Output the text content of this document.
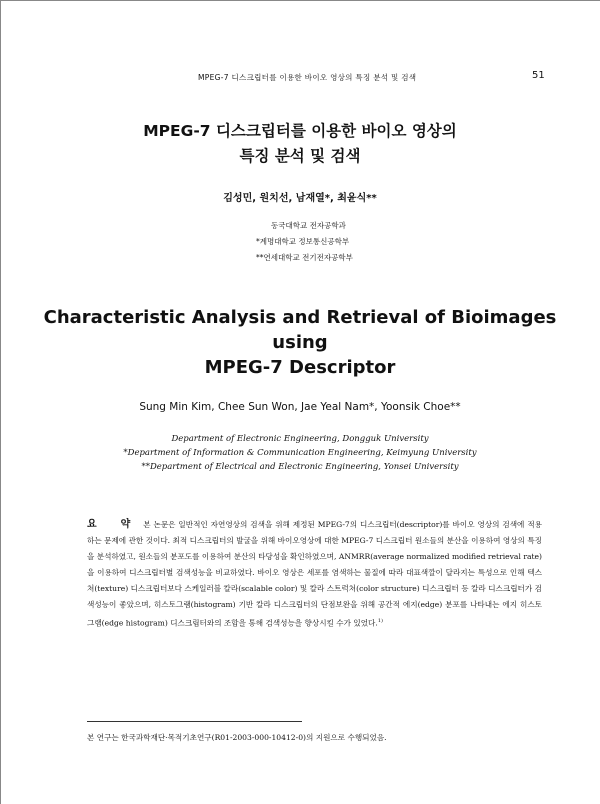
MPEG-7 디스크립터를 이용한 바이오 영상의 특징 분석 및 검색	51
MPEG-7 디스크립터를 이용한 바이오 영상의
특징 분석 및 검색
김성민, 원치선, 남재열*, 최윤식**
동국대학교 전자공학과
*계명대학교 정보통신공학부
**연세대학교 전기전자공학부
Characteristic Analysis and Retrieval of Bioimages
using
MPEG-7 Descriptor
Sung Min Kim, Chee Sun Won, Jae Yeal Nam*, Yoonsik Choe**
Department of Electronic Engineering, Dongguk University
*Department of Information & Communication Engineering, Keimyung University
**Department of Electrical and Electronic Engineering, Yonsei University
요 약 본 논문은 일반적인 자연영상의 검색을 위해 제정된 MPEG-7의 디스크립터(descriptor)를 바이오 영상의 검색에 적용하는 문제에 관한 것이다. 최적 디스크립터의 발굴을 위해 바이오영상에 대한 MPEG-7 디스크립터 원소들의 분산을 이용하여 영상의 특징을 분석하였고, 원소들의 분포도를 이용하여 분산의 타당성을 확인하였으며, ANMRR(average normalized modified retrieval rate)을 이용하여 디스크립터별 검색성능을 비교하였다. 바이오 영상은 세포를 염색하는 물질에 따라 대표색깔이 달라지는 특성으로 인해 텍스쳐(texture) 디스크립터보다 스케일러블 칼라(scalable color) 및 칼라 스트럭쳐(color structure) 디스크립터 등 칼라 디스크립터가 검색성능이 좋았으며, 히스토그램(histogram) 기반 칼라 디스크립터의 단점보완을 위해 공간적 에지(edge) 분포를 나타내는 에지 히스토그램(edge histogram) 디스크립터와의 조합을 통해 검색성능을 향상시킬 수가 있었다.$^{1)}$
본 연구는 한국과학재단·목적기초연구(R01-2003-000-10412-0)의 지원으로 수행되었음.
